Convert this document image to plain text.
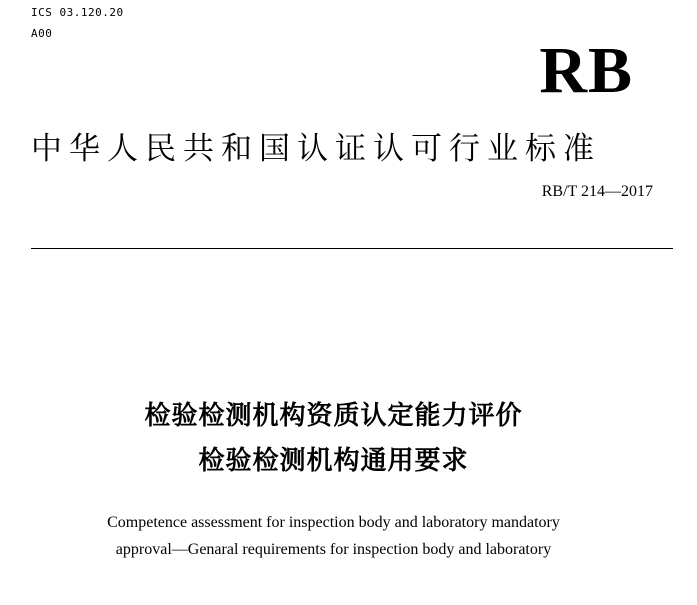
ICS 03.120.20
A00
RB
中华人民共和国认证认可行业标准
RB/T 214—2017
检验检测机构资质认定能力评价
检验检测机构通用要求
Competence assessment for inspection body and laboratory mandatory
approval—Genaral requirements for inspection body and laboratory
